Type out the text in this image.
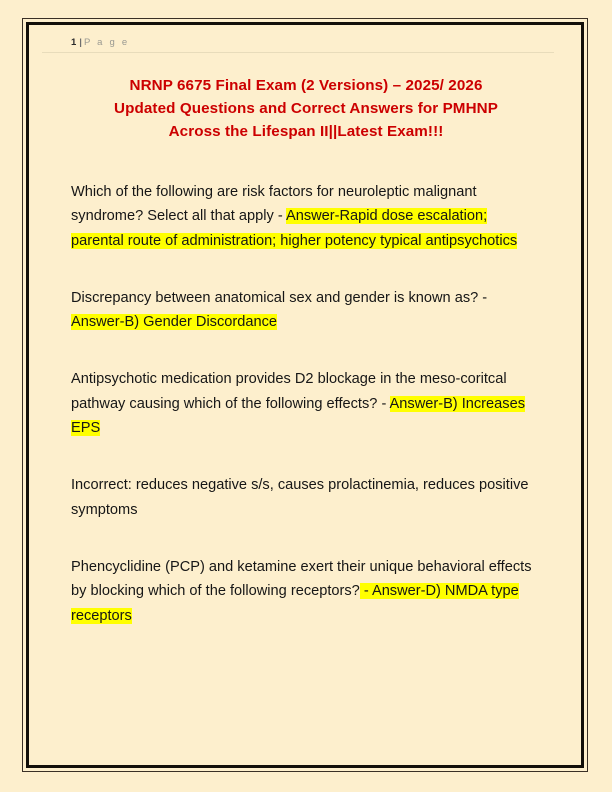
1 | P a g e
NRNP 6675 Final Exam (2 Versions) – 2025/ 2026
Updated Questions and Correct Answers for PMHNP
Across the Lifespan II||Latest Exam!!!

Which of the following are risk factors for neuroleptic malignant syndrome? Select all that apply - Answer-Rapid dose escalation; parental route of administration; higher potency typical antipsychotics

Discrepancy between anatomical sex and gender is known as? - Answer-B) Gender Discordance

Antipsychotic medication provides D2 blockage in the meso-coritcal pathway causing which of the following effects? - Answer-B) Increases EPS

Incorrect: reduces negative s/s, causes prolactinemia, reduces positive symptoms

Phencyclidine (PCP) and ketamine exert their unique behavioral effects by blocking which of the following receptors? - Answer-D) NMDA type receptors
